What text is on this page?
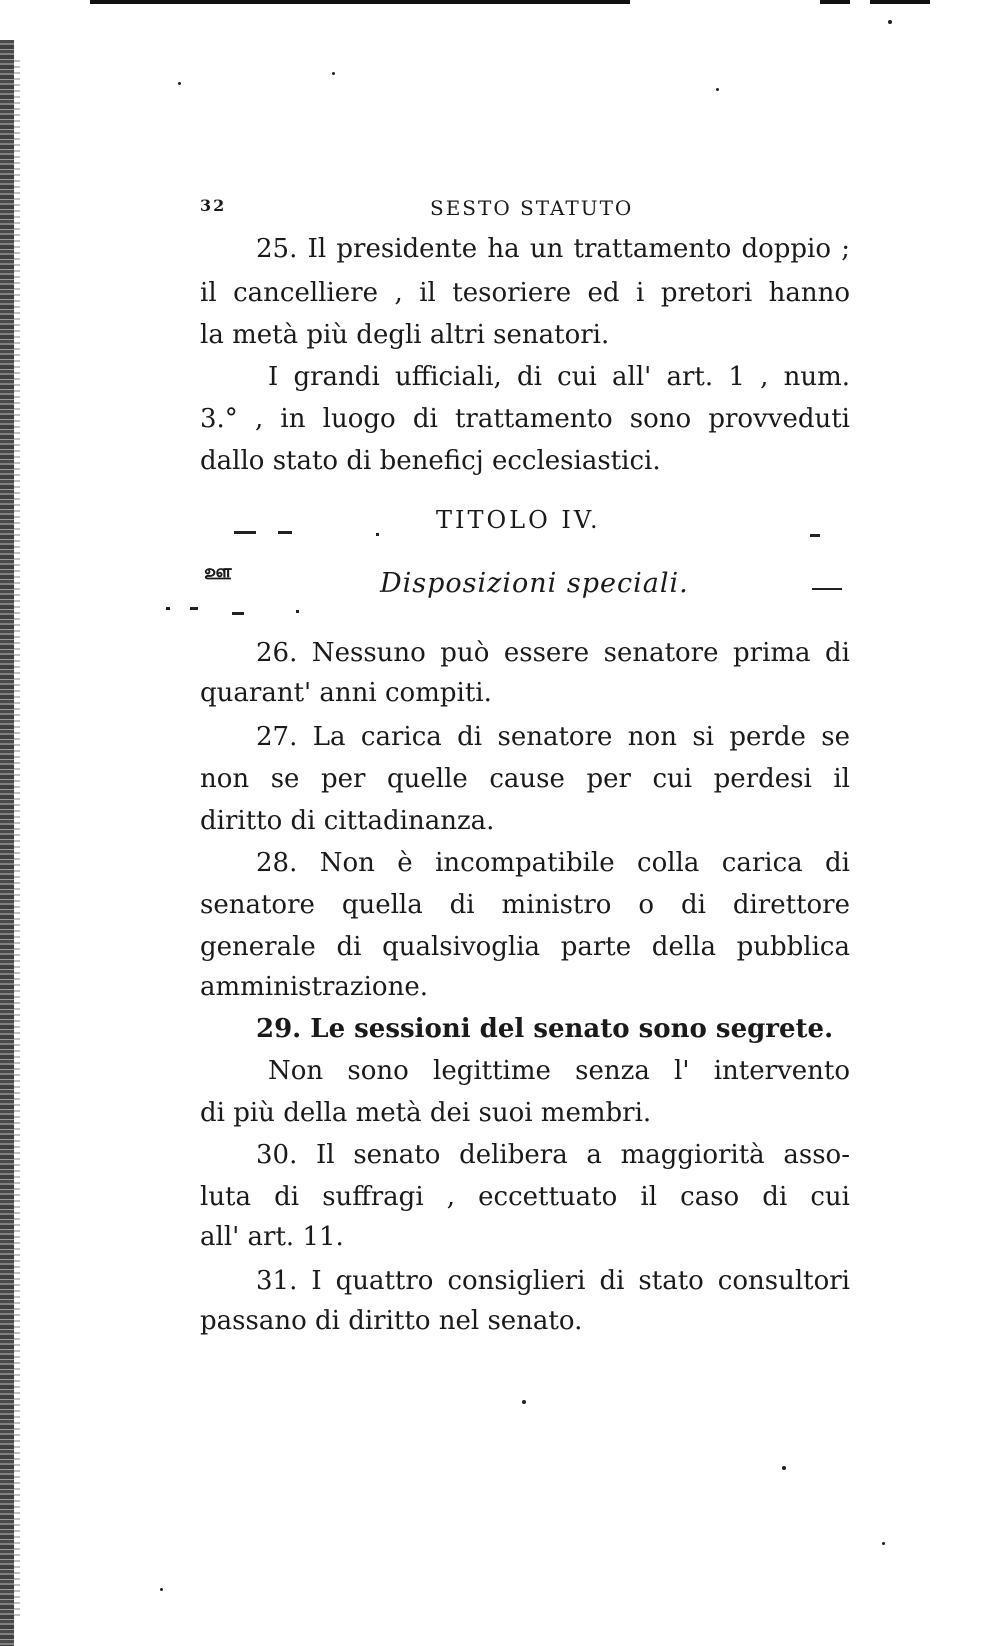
32	SESTO STATUTO
25. Il presidente ha un trattamento doppio ;
il cancelliere , il tesoriere ed i pretori hanno
la metà più degli altri senatori.
I grandi ufficiali, di cui all' art. 1 , num.
3.° , in luogo di trattamento sono provveduti
dallo stato di beneficj ecclesiastici.
TITOLO IV.
ஊ	Disposizioni speciali.
26. Nessuno può essere senatore prima di
quarant' anni compiti.
27. La carica di senatore non si perde se
non se per quelle cause per cui perdesi il
diritto di cittadinanza.
28. Non è incompatibile colla carica di
senatore quella di ministro o di direttore
generale di qualsivoglia parte della pubblica
amministrazione.
29. Le sessioni del senato sono segrete.
Non sono legittime senza l' intervento
di più della metà dei suoi membri.
30. Il senato delibera a maggiorità asso-
luta di suffragi , eccettuato il caso di cui
all' art. 11.
31. I quattro consiglieri di stato consultori
passano di diritto nel senato.
